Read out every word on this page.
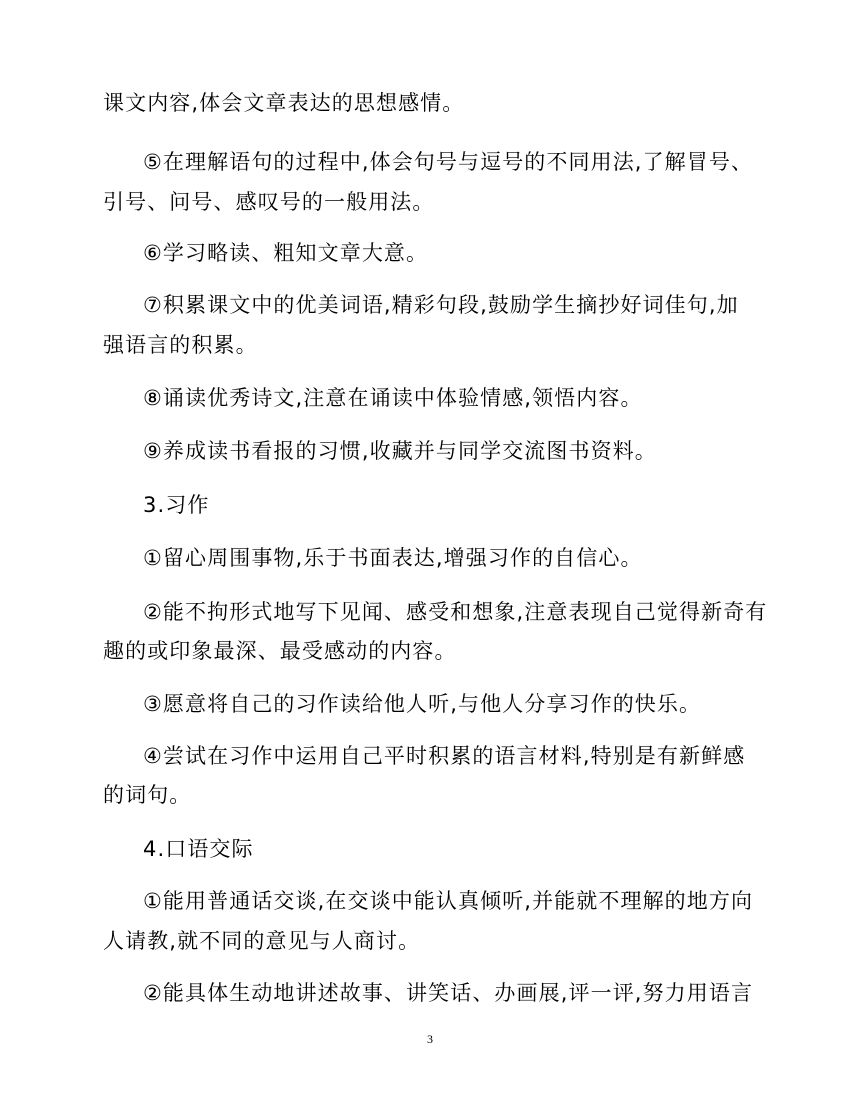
课文内容,体会文章表达的思想感情。
⑤在理解语句的过程中,体会句号与逗号的不同用法,了解冒号、
引号、问号、感叹号的一般用法。
⑥学习略读、粗知文章大意。
⑦积累课文中的优美词语,精彩句段,鼓励学生摘抄好词佳句,加
强语言的积累。
⑧诵读优秀诗文,注意在诵读中体验情感,领悟内容。
⑨养成读书看报的习惯,收藏并与同学交流图书资料。
3.习作
①留心周围事物,乐于书面表达,增强习作的自信心。
②能不拘形式地写下见闻、感受和想象,注意表现自己觉得新奇有
趣的或印象最深、最受感动的内容。
③愿意将自己的习作读给他人听,与他人分享习作的快乐。
④尝试在习作中运用自己平时积累的语言材料,特别是有新鲜感
的词句。
4.口语交际
①能用普通话交谈,在交谈中能认真倾听,并能就不理解的地方向
人请教,就不同的意见与人商讨。
②能具体生动地讲述故事、讲笑话、办画展,评一评,努力用语言
3
